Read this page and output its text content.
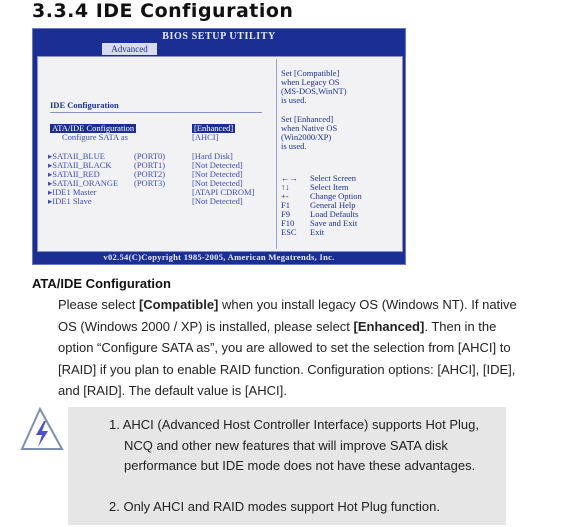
3.3.4 IDE Configuration
BIOS SETUP UTILITY
Advanced
IDE Configuration
ATA/IDE Configuration	[Enhanced]
Configure SATA as	[AHCI]
▸SATAII_BLUE	(PORT0)	[Hard Disk]
▸SATAII_BLACK	(PORT1)	[Not Detected]
▸SATAII_RED	(PORT2)	[Not Detected]
▸SATAII_ORANGE (PORT3)	[Not Detected]
▸IDE1 Master	[ATAPI CDROM]
▸IDE1 Slave	[Not Detected]
Set [Compatible]
when Legacy OS
(MS-DOS,WinNT)
is used.
Set [Enhanced]
when Native OS
(Win2000/XP)
is used.
←→ Select Screen
↑↓ Select Item
+-	Change Option
F1 General Help
F9 Load Defaults
F10 Save and Exit
ESC Exit
v02.54(C)Copyright 1985-2005, American Megatrends, Inc.
ATA/IDE Configuration
Please select [Compatible] when you install legacy OS (Windows NT). If native OS (Windows 2000 / XP) is installed, please select [Enhanced]. Then in the option “Configure SATA as”, you are allowed to set the selection from [AHCI] to [RAID] if you plan to enable RAID function. Configuration options: [AHCI], [IDE], and [RAID]. The default value is [AHCI].
1. AHCI (Advanced Host Controller Interface) supports Hot Plug, NCQ and other new features that will improve SATA disk performance but IDE mode does not have these advantages.
2. Only AHCI and RAID modes support Hot Plug function.
